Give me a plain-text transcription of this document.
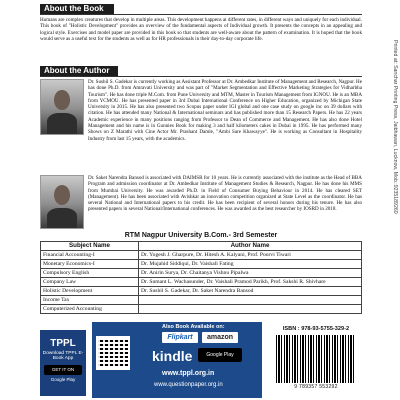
Printed at: Sanchar Printing Press, Jaibhawan, Lucknow, Mob.:9235189260
About the Book
Humans are complex creatures that develop in multiple areas. This development happens at different rates, in different ways and uniquely for each individual. This book of "Holistic Development" provides an overview of the fundamental aspects of Individual growth. It presents the concepts in an appealing and logical style. Exercises and model paper are provided in this book so that students are well-aware about the pattern of examination. It is hoped that the book would serve as a useful text for the students as well as for HR professionals in their day-to-day corporate life.
About the Author
Dr. Sushil S. Gadekar is currently working as Assistant Professor at Dr. Ambedkar Institute of Management and Research, Nagpur. He has done Ph.D. from Amravati University and was part of "Market Segmentation and Effective Marketing Strategies for Vidharbha Tourism". He has done triple M.Com. from Pune University and MTM, Master in Tourism Management from IGNOU. He is an MBA from YCMOU. He has presented paper in 3rd Dubai International Conference on Higher Education, organized by Michigan State University in 2015. He has also presented two Scopus paper under IGI global and one case study on google inc on 39 dollars with citation. He has attended many National & International seminars and has published more than 15 Research Papers. He has 22 years Academic experience in many positions ranging from Professor to Dean of Commerce and Management. He has also done Hotel Management and his name is in Gunnies Book for making 3 and half kilometers cakes in Dubai in 1995. He has performed many Shows on Z Marathi with Cine Actor Mr. Prashant Damle, "Ambi Sare Khawayye". He is working as Consultant in Hospitality Industry from last 15 years, with the academics.
Dr. Saket Narendra Bansod is associated with DAIMSR for 10 years. He is currently associated with the institute as the Head of BBA Program and admission coordinator at Dr. Ambedkar Institute of Management Studies & Research, Nagpur. He has done his MMS from Mumbai University. He was awarded Ph.D. in Field of Consumer Buying Behaviour in 2014. He has cleared SET (Management). He has been associated with Avishkar an innovation competition organized at State Level as the coordinator. He has several National and International papers to his credit. He has been recipient of several honors during his tenure. He has also presented papers in several National/International conferences. He was awarded as the best researcher by IOSRD in 2018.
RTM Nagpur University B.Com.- 3rd Semester
Subject Name	Author Name
Financial Accounting-I	Dr. Yogesh J. Gharpure, Dr. Hitesh A. Kalyani, Prof. Poorvi Tiwari
Monetary Economics-I	Dr. Mujahid Siddiqui, Dr. Vaishali Fating
Compulsory English	Dr. Anirin Surya, Dr. Chaitanya Vishnu Pipalwa
Company Law	Dr. Sumant L. Wachasunder, Dr. Vaishali Pramod Parikh, Prof. Sakshi R. Shivhare
Holistic Development	Dr. Sushil S. Gadekar, Dr. Saket Narendra Bansod
Income Tax	
Computerized Accounting	
TPPL
Download TPPL E-Book App
GET IT ON Google Play
Also Book Available on:
Flipkart	amazon
kindle	Google Play
www.tppl.org.in
www.questionpaper.org.in
ISBN : 978-93-5755-329-2
9 789357 553292
